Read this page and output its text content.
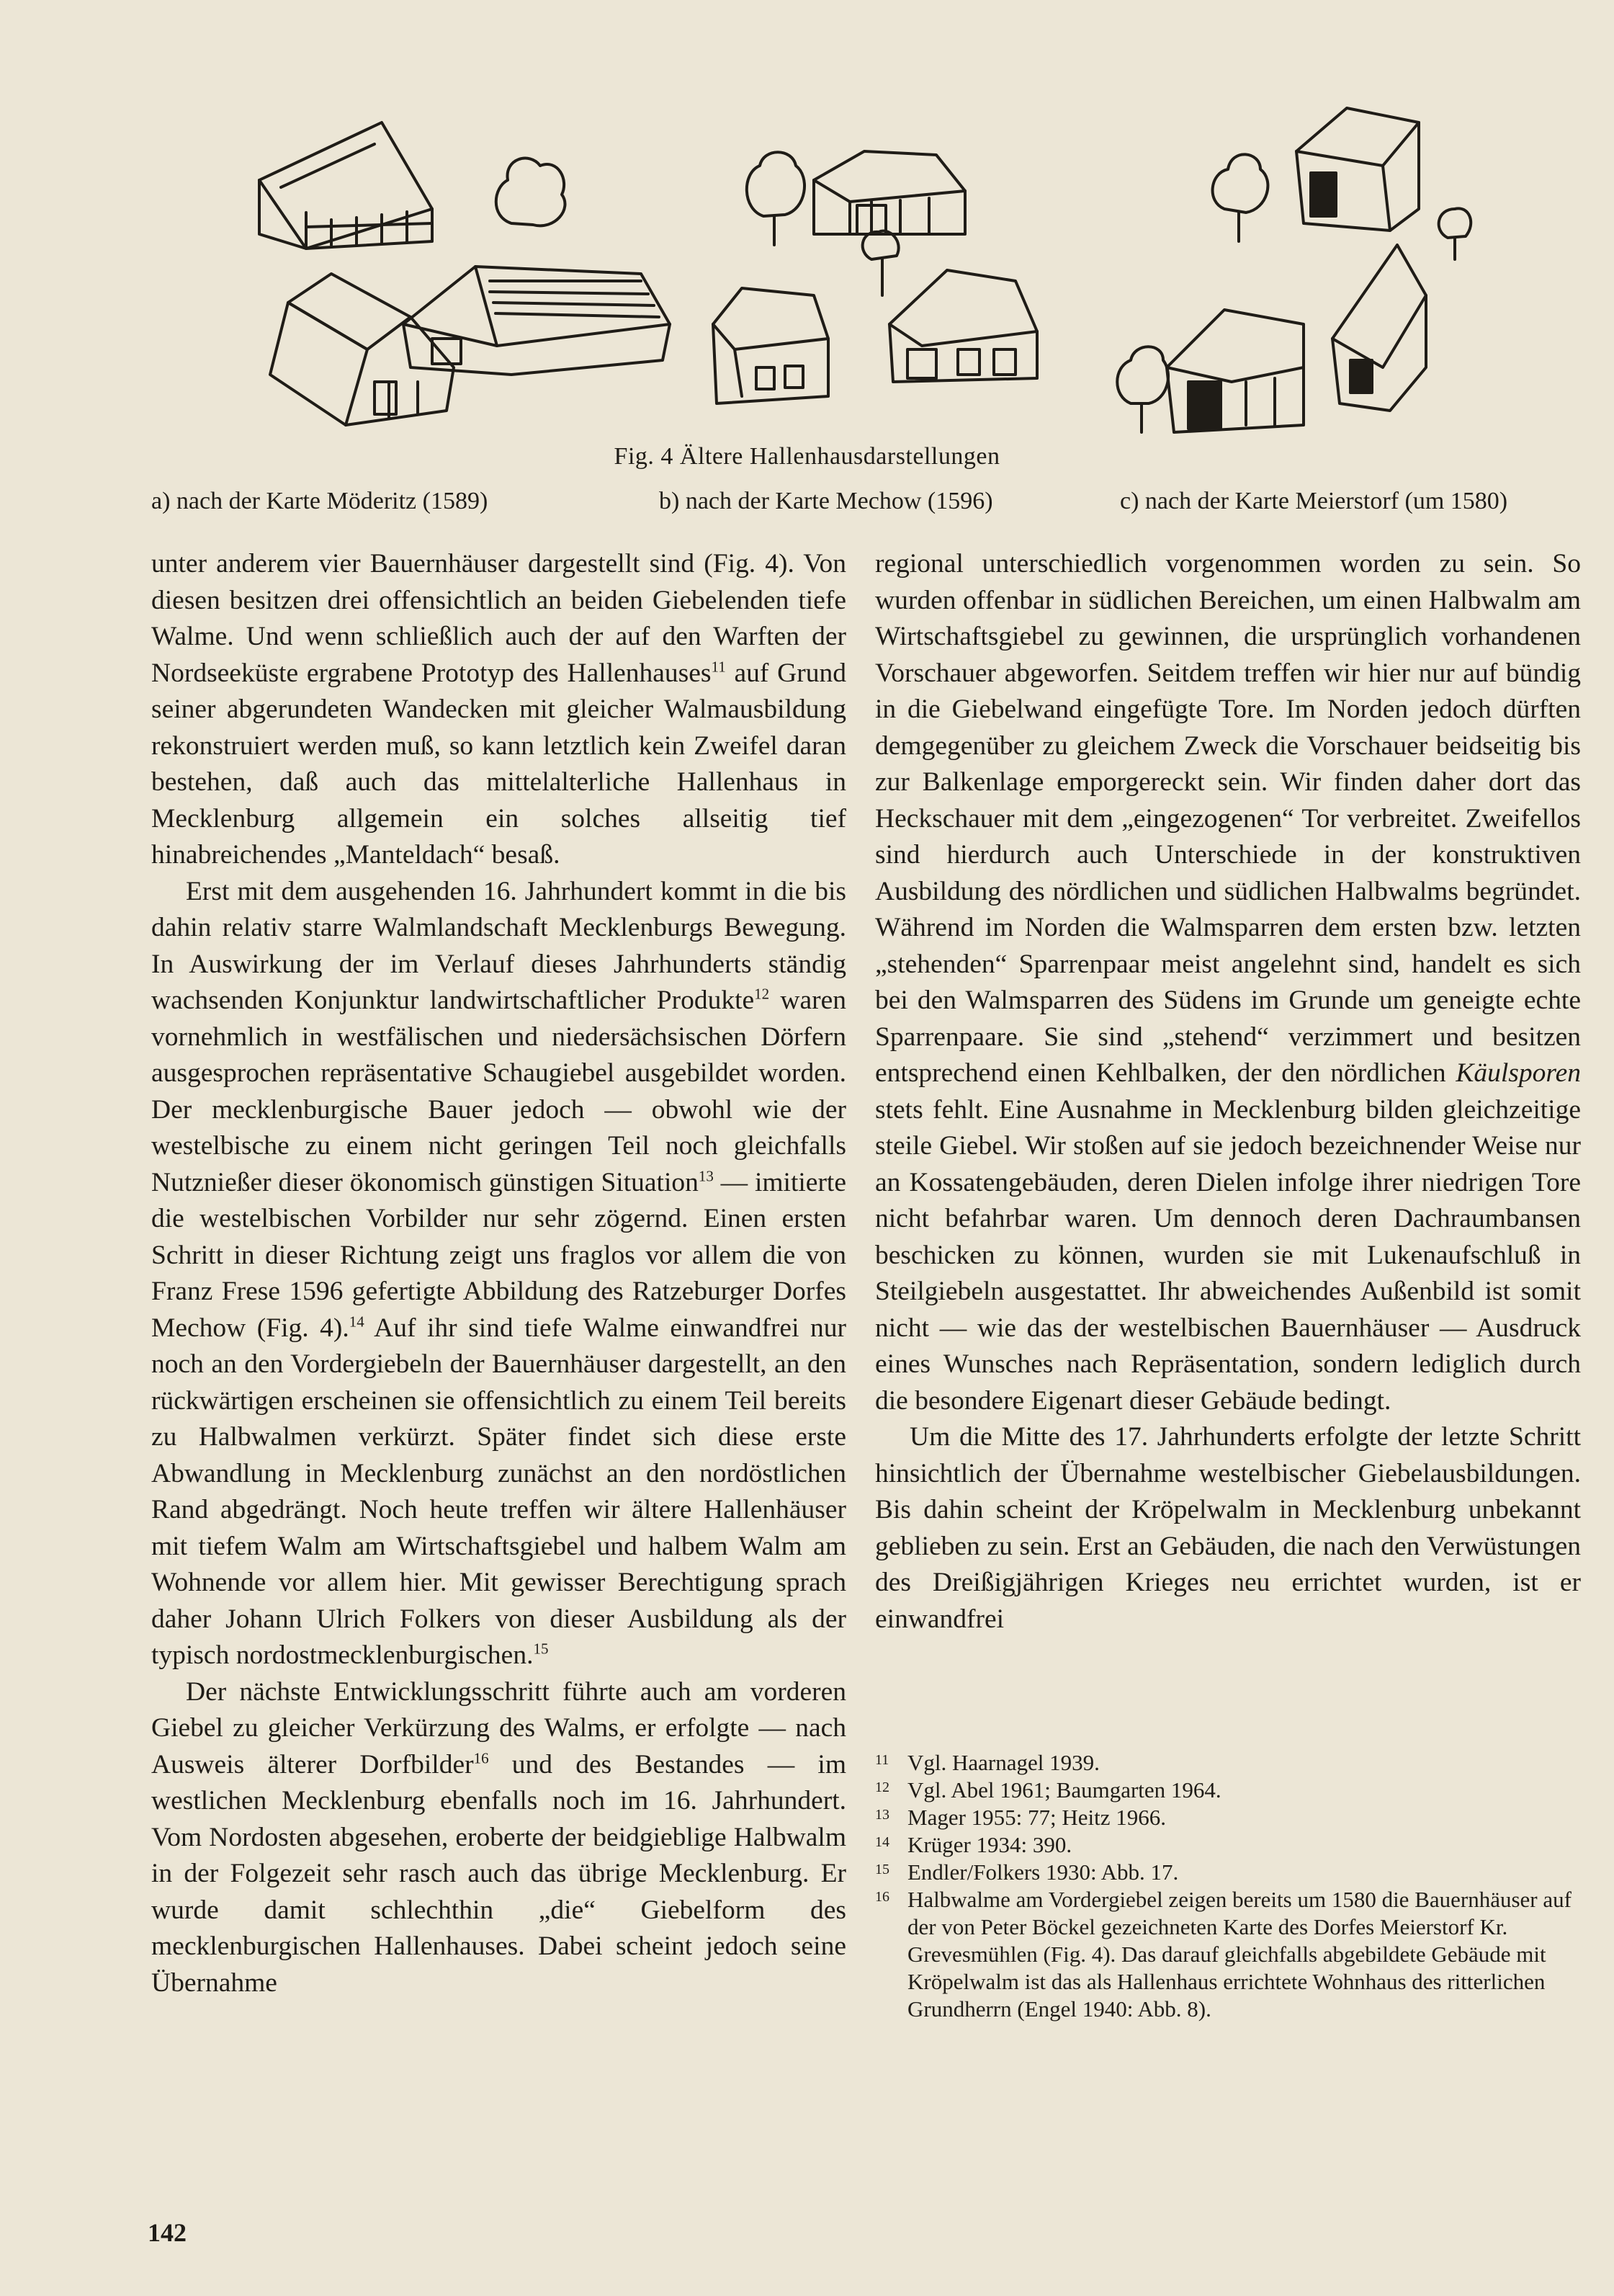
Fig. 4 Ältere Hallenhausdarstellungen
a) nach der Karte Möderitz (1589)	b) nach der Karte Mechow (1596)	c) nach der Karte Meierstorf (um 1580)

unter anderem vier Bauernhäuser dargestellt sind (Fig. 4). Von diesen besitzen drei offensichtlich an beiden Giebelenden tiefe Walme. Und wenn schließlich auch der auf den Warften der Nordseeküste ergrabene Prototyp des Hallenhauses$^{11}$ auf Grund seiner abgerundeten Wandecken mit gleicher Walmausbildung rekonstruiert werden muß, so kann letztlich kein Zweifel daran bestehen, daß auch das mittelalterliche Hallenhaus in Mecklenburg allgemein ein solches allseitig tief hinabreichendes „Manteldach“ besaß.

Erst mit dem ausgehenden 16. Jahrhundert kommt in die bis dahin relativ starre Walmlandschaft Mecklenburgs Bewegung. In Auswirkung der im Verlauf dieses Jahrhunderts ständig wachsenden Konjunktur landwirtschaftlicher Produkte$^{12}$ waren vornehmlich in westfälischen und niedersächsischen Dörfern ausgesprochen repräsentative Schaugiebel ausgebildet worden. Der mecklenburgische Bauer jedoch — obwohl wie der westelbische zu einem nicht geringen Teil noch gleichfalls Nutznießer dieser ökonomisch günstigen Situation$^{13}$ — imitierte die westelbischen Vorbilder nur sehr zögernd. Einen ersten Schritt in dieser Richtung zeigt uns fraglos vor allem die von Franz Frese 1596 gefertigte Abbildung des Ratzeburger Dorfes Mechow (Fig. 4).$^{14}$ Auf ihr sind tiefe Walme einwandfrei nur noch an den Vordergiebeln der Bauernhäuser dargestellt, an den rückwärtigen erscheinen sie offensichtlich zu einem Teil bereits zu Halbwalmen verkürzt. Später findet sich diese erste Abwandlung in Mecklenburg zunächst an den nordöstlichen Rand abgedrängt. Noch heute treffen wir ältere Hallenhäuser mit tiefem Walm am Wirtschaftsgiebel und halbem Walm am Wohnende vor allem hier. Mit gewisser Berechtigung sprach daher Johann Ulrich Folkers von dieser Ausbildung als der typisch nordostmecklenburgischen.$^{15}$

Der nächste Entwicklungsschritt führte auch am vorderen Giebel zu gleicher Verkürzung des Walms, er erfolgte — nach Ausweis älterer Dorfbilder$^{16}$ und des Bestandes — im westlichen Mecklenburg ebenfalls noch im 16. Jahrhundert. Vom Nordosten abgesehen, eroberte der beidgieblige Halbwalm in der Folgezeit sehr rasch auch das übrige Mecklenburg. Er wurde damit schlechthin „die“ Giebelform des mecklenburgischen Hallenhauses. Dabei scheint jedoch seine Übernahme

regional unterschiedlich vorgenommen worden zu sein. So wurden offenbar in südlichen Bereichen, um einen Halbwalm am Wirtschaftsgiebel zu gewinnen, die ursprünglich vorhandenen Vorschauer abgeworfen. Seitdem treffen wir hier nur auf bündig in die Giebelwand eingefügte Tore. Im Norden jedoch dürften demgegenüber zu gleichem Zweck die Vorschauer beidseitig bis zur Balkenlage emporgereckt sein. Wir finden daher dort das Heckschauer mit dem „eingezogenen“ Tor verbreitet. Zweifellos sind hierdurch auch Unterschiede in der konstruktiven Ausbildung des nördlichen und südlichen Halbwalms begründet. Während im Norden die Walmsparren dem ersten bzw. letzten „stehenden“ Sparrenpaar meist angelehnt sind, handelt es sich bei den Walmsparren des Südens im Grunde um geneigte echte Sparrenpaare. Sie sind „stehend“ verzimmert und besitzen entsprechend einen Kehlbalken, der den nördlichen Käulsporen stets fehlt. Eine Ausnahme in Mecklenburg bilden gleichzeitige steile Giebel. Wir stoßen auf sie jedoch bezeichnender Weise nur an Kossatengebäuden, deren Dielen infolge ihrer niedrigen Tore nicht befahrbar waren. Um dennoch deren Dachraumbansen beschicken zu können, wurden sie mit Lukenaufschluß in Steilgiebeln ausgestattet. Ihr abweichendes Außenbild ist somit nicht — wie das der westelbischen Bauernhäuser — Ausdruck eines Wunsches nach Repräsentation, sondern lediglich durch die besondere Eigenart dieser Gebäude bedingt.

Um die Mitte des 17. Jahrhunderts erfolgte der letzte Schritt hinsichtlich der Übernahme westelbischer Giebelausbildungen. Bis dahin scheint der Kröpelwalm in Mecklenburg unbekannt geblieben zu sein. Erst an Gebäuden, die nach den Verwüstungen des Dreißigjährigen Krieges neu errichtet wurden, ist er einwandfrei

11 Vgl. Haarnagel 1939.
12 Vgl. Abel 1961; Baumgarten 1964.
13 Mager 1955: 77; Heitz 1966.
14 Krüger 1934: 390.
15 Endler/Folkers 1930: Abb. 17.
16 Halbwalme am Vordergiebel zeigen bereits um 1580 die Bauernhäuser auf der von Peter Böckel gezeichneten Karte des Dorfes Meierstorf Kr. Grevesmühlen (Fig. 4). Das darauf gleichfalls abgebildete Gebäude mit Kröpelwalm ist das als Hallenhaus errichtete Wohnhaus des ritterlichen Grundherrn (Engel 1940: Abb. 8).
142
